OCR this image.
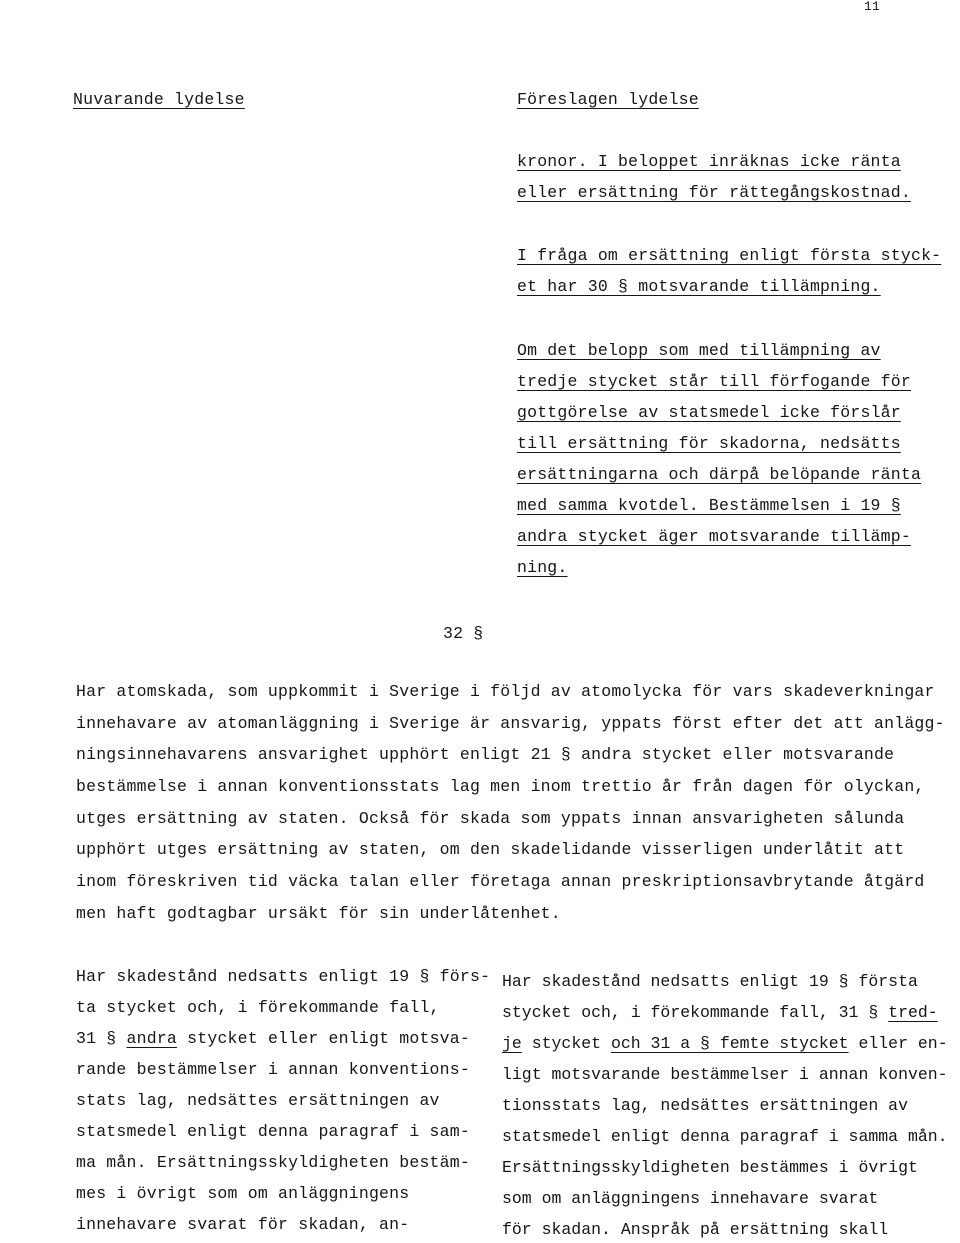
11
Nuvarande lydelse	Föreslagen lydelse
kronor. I beloppet inräknas icke ränta
eller ersättning för rättegångskostnad.
I fråga om ersättning enligt första styck-
et har 30 § motsvarande tillämpning.
Om det belopp som med tillämpning av
tredje stycket står till förfogande för
gottgörelse av statsmedel icke förslår
till ersättning för skadorna, nedsätts
ersättningarna och därpå belöpande ränta
med samma kvotdel. Bestämmelsen i 19 §
andra stycket äger motsvarande tillämp-
ning.
32 §
Har atomskada, som uppkommit i Sverige i följd av atomolycka för vars skadeverkningar
innehavare av atomanläggning i Sverige är ansvarig, yppats först efter det att anlägg-
ningsinnehavarens ansvarighet upphört enligt 21 § andra stycket eller motsvarande
bestämmelse i annan konventionsstats lag men inom trettio år från dagen för olyckan,
utges ersättning av staten. Också för skada som yppats innan ansvarigheten sålunda
upphört utges ersättning av staten, om den skadelidande visserligen underlåtit att
inom föreskriven tid väcka talan eller företaga annan preskriptionsavbrytande åtgärd
men haft godtagbar ursäkt för sin underlåtenhet.
Har skadestånd nedsatts enligt 19 § förs-
ta stycket och, i förekommande fall,
31 § andra stycket eller enligt motsva-
rande bestämmelser i annan konventions-
stats lag, nedsättes ersättningen av
statsmedel enligt denna paragraf i sam-
ma mån. Ersättningsskyldigheten bestäm-
mes i övrigt som om anläggningens
innehavare svarat för skadan, an-
Har skadestånd nedsatts enligt 19 § första
stycket och, i förekommande fall, 31 § tred-
je stycket och 31 a § femte stycket eller en-
ligt motsvarande bestämmelser i annan konven-
tionsstats lag, nedsättes ersättningen av
statsmedel enligt denna paragraf i samma mån.
Ersättningsskyldigheten bestämmes i övrigt
som om anläggningens innehavare svarat
för skadan. Anspråk på ersättning skall
